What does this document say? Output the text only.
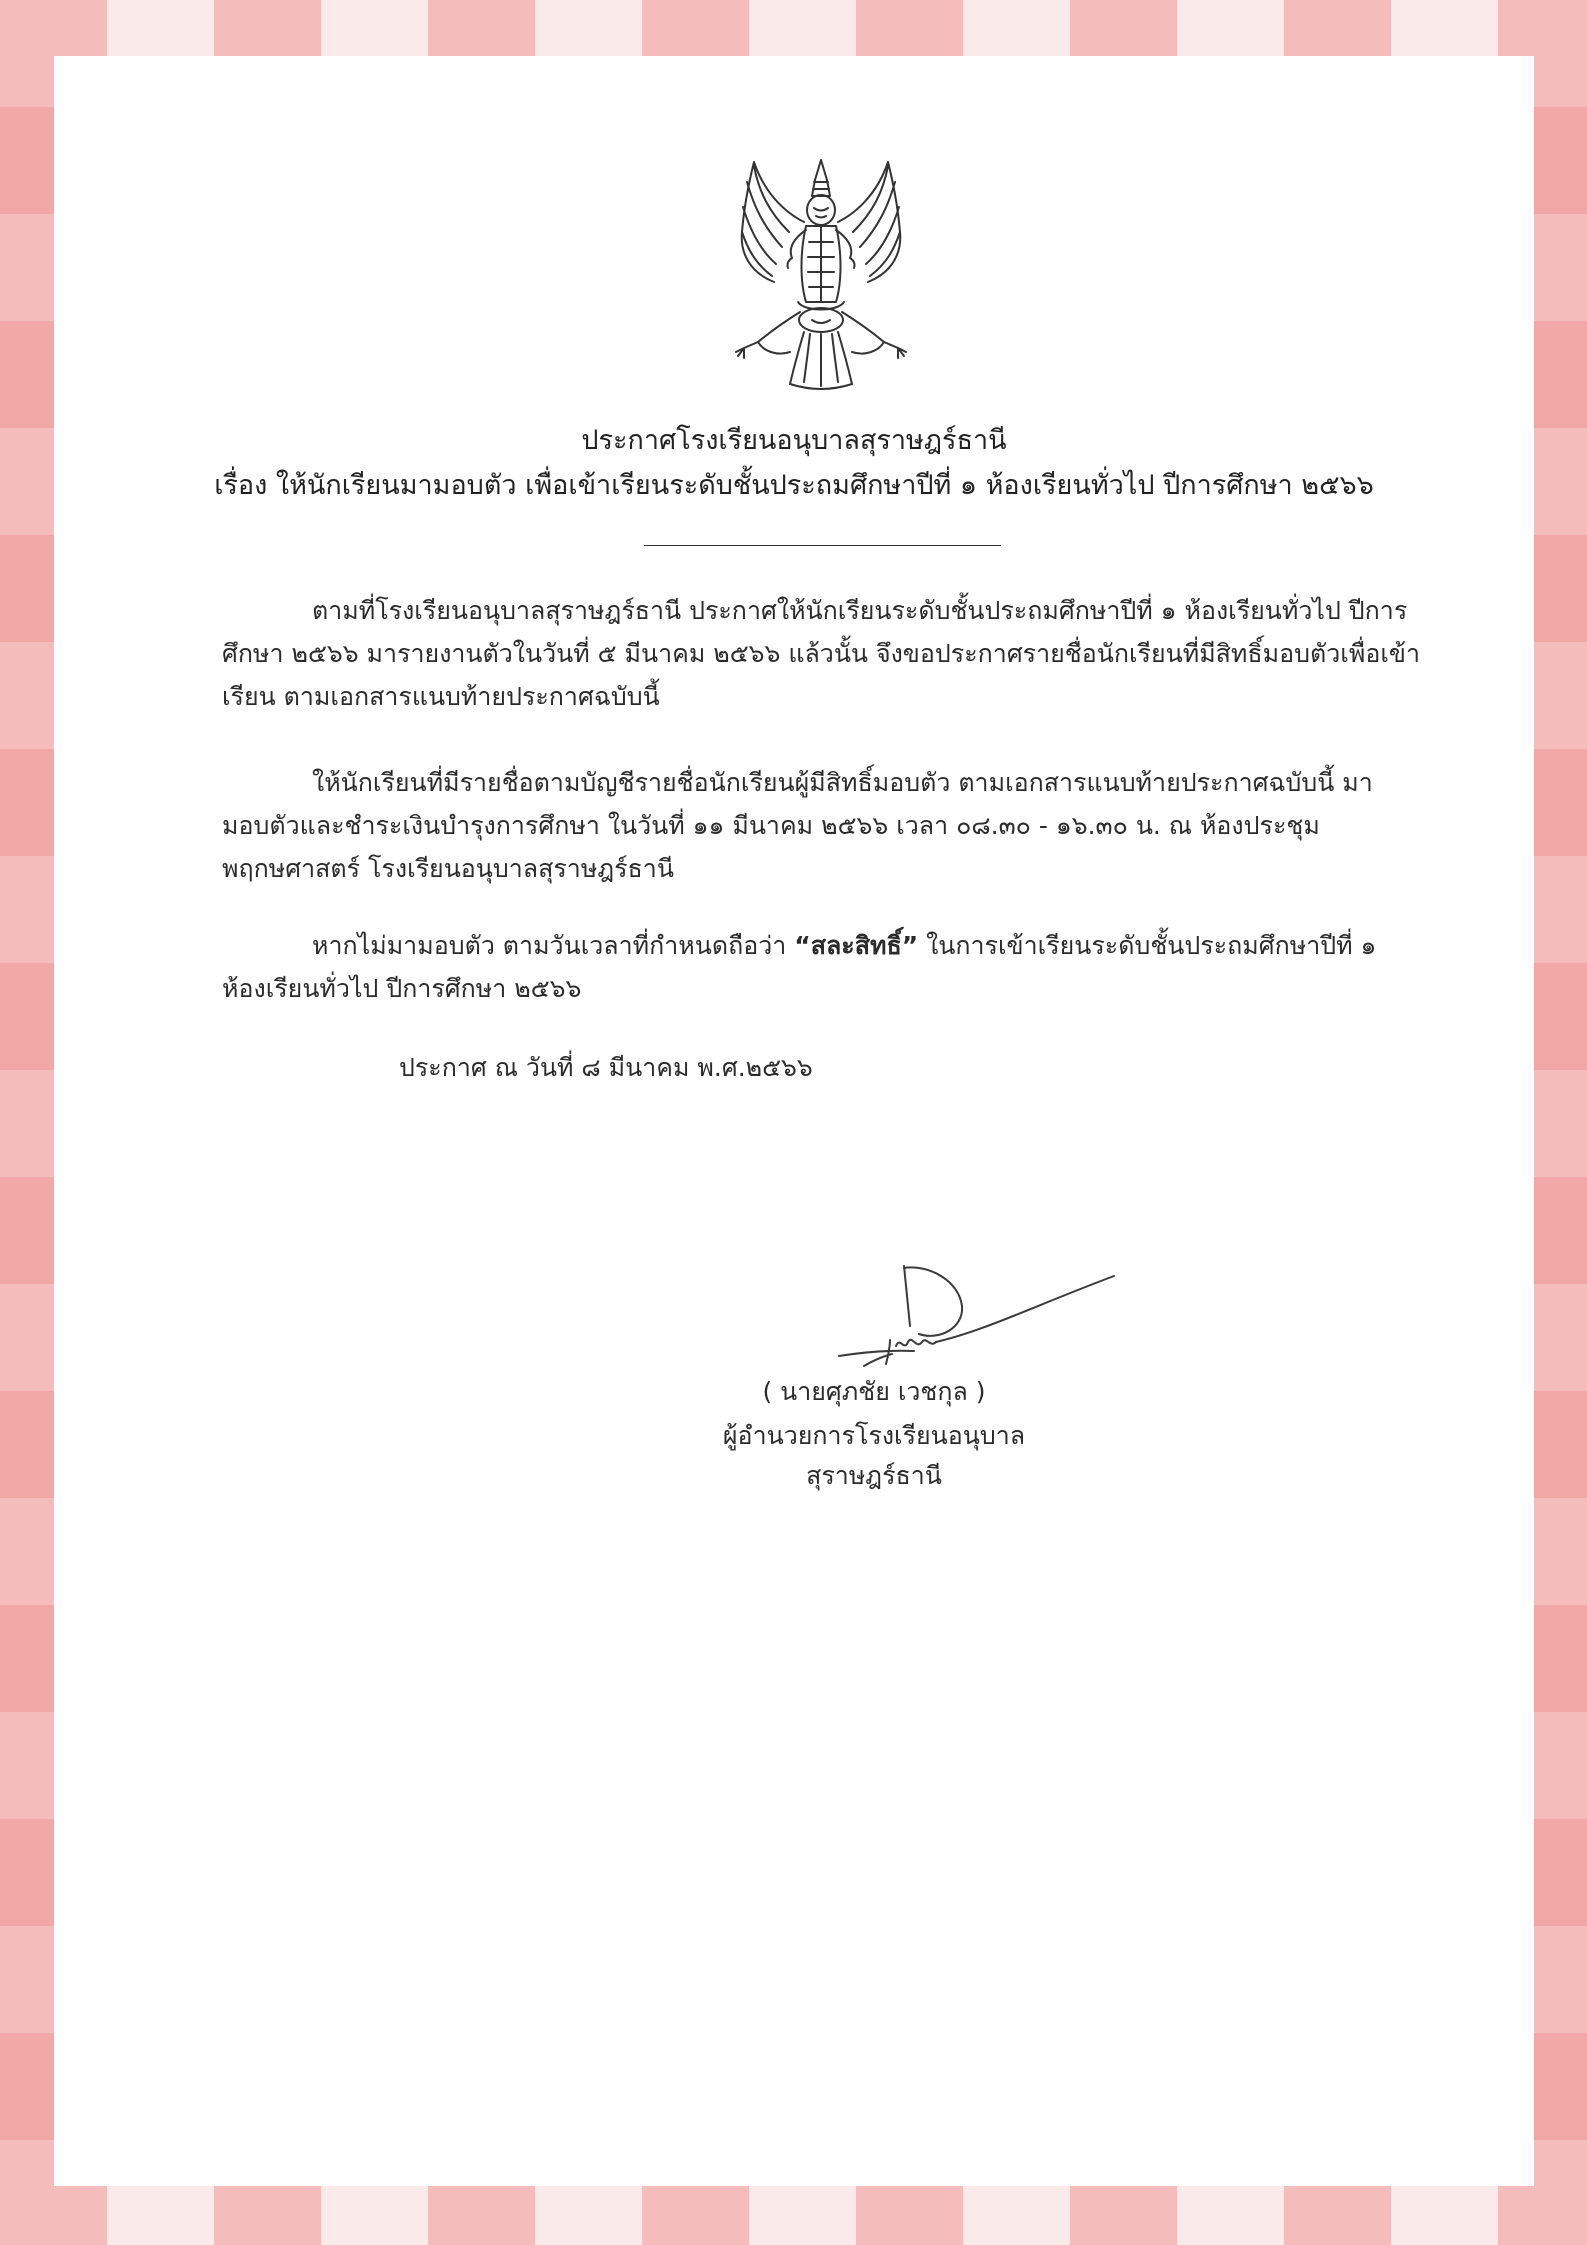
ประกาศโรงเรียนอนุบาลสุราษฎร์ธานี
เรื่อง ให้นักเรียนมามอบตัว เพื่อเข้าเรียนระดับชั้นประถมศึกษาปีที่ ๑ ห้องเรียนทั่วไป ปีการศึกษา ๒๕๖๖

ตามที่โรงเรียนอนุบาลสุราษฎร์ธานี ประกาศให้นักเรียนระดับชั้นประถมศึกษาปีที่ ๑ ห้องเรียนทั่วไป ปีการศึกษา ๒๕๖๖ มารายงานตัวในวันที่ ๕ มีนาคม ๒๕๖๖ แล้วนั้น จึงขอประกาศรายชื่อนักเรียนที่มีสิทธิ์มอบตัวเพื่อเข้าเรียน ตามเอกสารแนบท้ายประกาศฉบับนี้

ให้นักเรียนที่มีรายชื่อตามบัญชีรายชื่อนักเรียนผู้มีสิทธิ์มอบตัว ตามเอกสารแนบท้ายประกาศฉบับนี้ มามอบตัวและชำระเงินบำรุงการศึกษา ในวันที่ ๑๑ มีนาคม ๒๕๖๖ เวลา ๐๘.๓๐ - ๑๖.๓๐ น. ณ ห้องประชุมพฤกษศาสตร์ โรงเรียนอนุบาลสุราษฎร์ธานี

หากไม่มามอบตัว ตามวันเวลาที่กำหนดถือว่า “สละสิทธิ์” ในการเข้าเรียนระดับชั้นประถมศึกษาปีที่ ๑ ห้องเรียนทั่วไป ปีการศึกษา ๒๕๖๖

ประกาศ ณ วันที่ ๘ มีนาคม พ.ศ.๒๕๖๖
( นายศุภชัย เวชกุล )
ผู้อำนวยการโรงเรียนอนุบาลสุราษฎร์ธานี
